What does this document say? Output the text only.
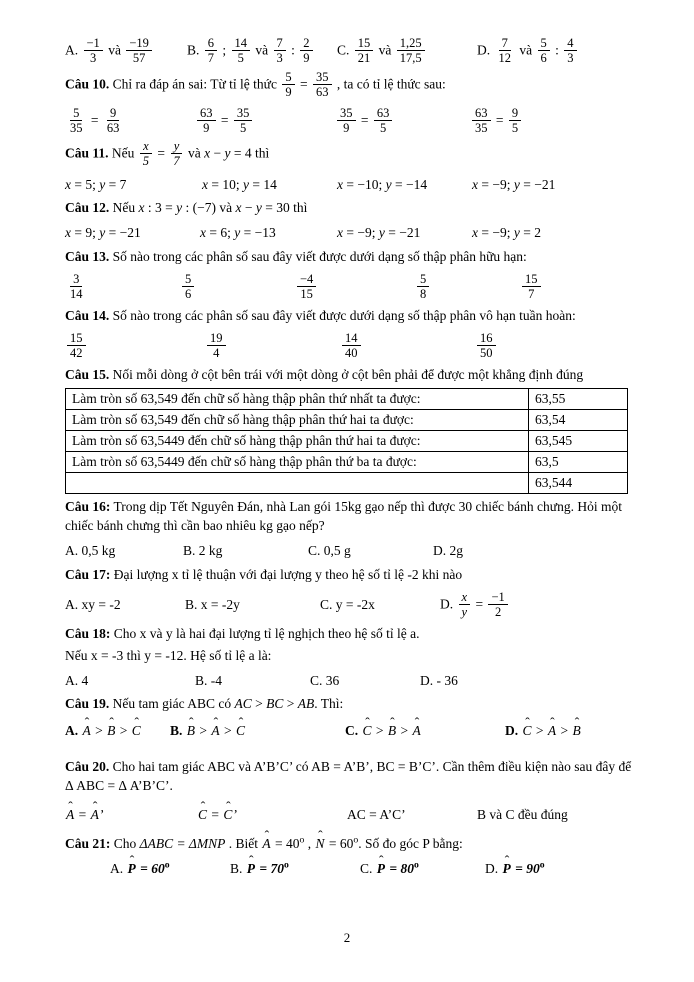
A. $\frac{-1}{3}$ và $\frac{-19}{57}$	B. $\frac{6}{7}$ ; $\frac{14}{5}$ và $\frac{7}{3}$ : $\frac{2}{9} C$. $\frac{15}{21}$ và $\frac{1,25}{17,5}$	D. $\frac{7}{12}$ và $\frac{5}{6}$ : $\frac{4}{3}$
Câu 10. Chỉ ra đáp án sai: Từ tỉ lệ thức $\frac{5}{9} = \frac{35}{63}$ , ta có tỉ lệ thức sau:
$\frac{5}{35} = \frac{9}{63}$	$\frac{63}{9} = \frac{35}{5}$	$\frac{35}{9} = \frac{63}{5}$	$\frac{63}{35} = \frac{9}{5}$
Câu 11. Nếu $\frac{x}{5} = \frac{y}{7}$ và x − y = 4 thì
x = 5; y = 7	x = 10; y = 14	x = −10; y = −14	x = −9; y = −21
Câu 12. Nếu x : 3 = y : (−7) và x − y = 30 thì
x = 9; y = −21	x = 6; y = −13	x = −9; y = −21	x = −9; y = 2
Câu 13. Số nào trong các phân số sau đây viết được dưới dạng số thập phân hữu hạn:
$\frac{3}{14}$	$\frac{5}{6}$	$\frac{-4}{15}$	$\frac{5}{8}$	$\frac{15}{7}$
Câu 14. Số nào trong các phân số sau đây viết được dưới dạng số thập phân vô hạn tuần hoàn:
$\frac{15}{42}$	$\frac{19}{4}$	$\frac{14}{40}$	$\frac{16}{50}$
Câu 15. Nối mỗi dòng ở cột bên trái với một dòng ở cột bên phải để được một khẳng định đúng
Làm tròn số 63,549 đến chữ số hàng thập phân thứ nhất ta được:	63,55
Làm tròn số 63,549 đến chữ số hàng thập phân thứ hai ta được:	63,54
Làm tròn số 63,5449 đến chữ số hàng thập phân thứ hai ta được:	63,545
Làm tròn số 63,5449 đến chữ số hàng thập phân thứ ba ta được:	63,5
	63,544
Câu 16: Trong dịp Tết Nguyên Đán, nhà Lan gói 15kg gạo nếp thì được 30 chiếc bánh chưng. Hỏi một chiếc bánh chưng thì cần bao nhiêu kg gạo nếp?
A. 0,5 kg	B. 2 kg	C. 0,5 g	D. 2g
Câu 17: Đại lượng x tỉ lệ thuận với đại lượng y theo hệ số tỉ lệ -2 khi nào
A. xy = -2	B. x = -2y	C. y = -2x	D. $\frac{x}{y} = \frac{-1}{2}$
Câu 18: Cho x và y là hai đại lượng tỉ lệ nghịch theo hệ số tỉ lệ a.
Nếu x = -3 thì y = -12. Hệ số tỉ lệ a là:
A. 4	B. -4	C. 36	D. - 36
Câu 19. Nếu tam giác ABC có AC > BC > AB. Thì:
A. ˆ A > ˆ B > ˆ C	B. ˆ B > ˆ A > ˆ C	C. ˆ C > ˆ B > ˆ A	D. ˆ C > ˆ A > ˆ B
Câu 20. Cho hai tam giác ABC và A’B’C’ có AB = A’B’, BC = B’C’. Cần thêm điều kiện nào sau đây để Δ ABC = Δ A’B’C’.
ˆ A = ˆ A’	ˆ C = ˆ C’	AC = A’C’	B và C đều đúng
Câu 21: Cho ΔABC = ΔMNP . Biết ˆ $A = 40^o$ , ˆ $N = 60^o$. Số đo góc P bằng:
A. ˆ $P = 60^o$	B. ˆ $P = 70^o$	C. ˆ $P = 80^o$	D. ˆ $P = 90^o$
2
